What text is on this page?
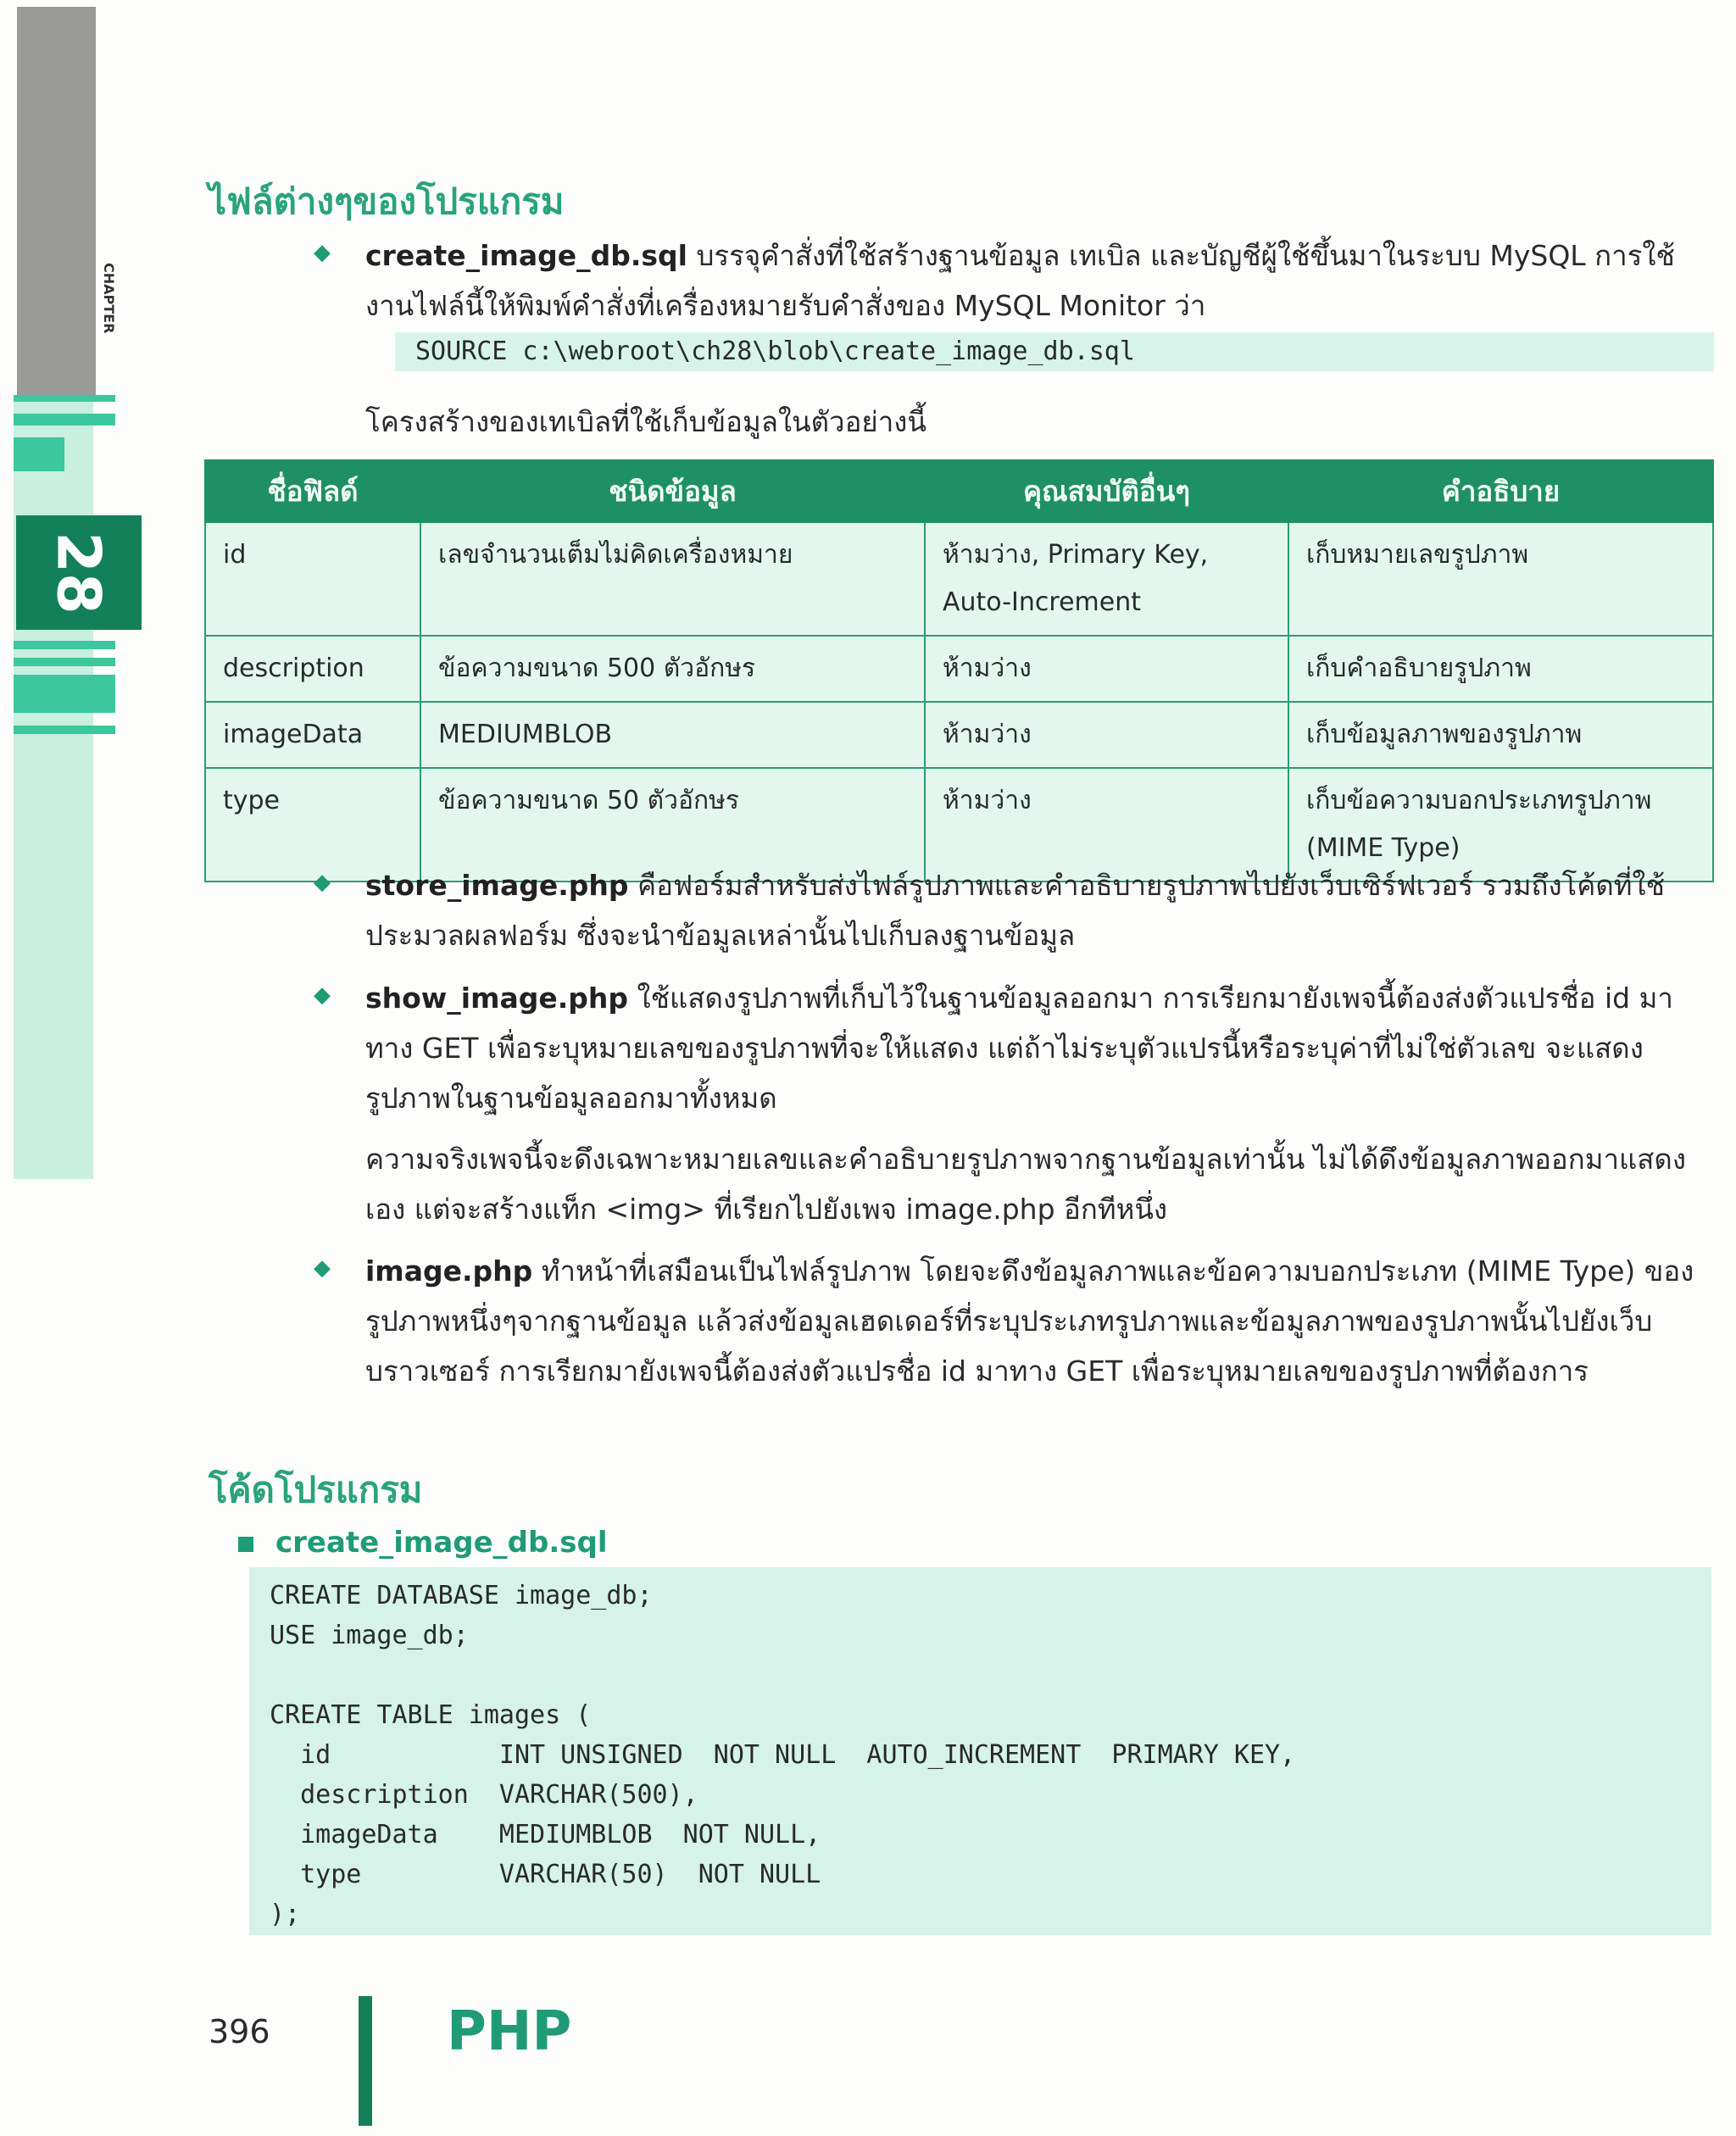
CHAPTER
28
ไฟล์ต่างๆของโปรแกรม
◆ create_image_db.sql บรรจุคำสั่งที่ใช้สร้างฐานข้อมูล เทเบิล และบัญชีผู้ใช้ขึ้นมาในระบบ MySQL การใช้งานไฟล์นี้ให้พิมพ์คำสั่งที่เครื่องหมายรับคำสั่งของ MySQL Monitor ว่า
SOURCE c:\webroot\ch28\blob\create_image_db.sql
โครงสร้างของเทเบิลที่ใช้เก็บข้อมูลในตัวอย่างนี้
ชื่อฟิลด์	ชนิดข้อมูล	คุณสมบัติอื่นๆ	คำอธิบาย
id	เลขจำนวนเต็มไม่คิดเครื่องหมาย	ห้ามว่าง, Primary Key, Auto-Increment	เก็บหมายเลขรูปภาพ
description	ข้อความขนาด 500 ตัวอักษร	ห้ามว่าง	เก็บคำอธิบายรูปภาพ
imageData	MEDIUMBLOB	ห้ามว่าง	เก็บข้อมูลภาพของรูปภาพ
type	ข้อความขนาด 50 ตัวอักษร	ห้ามว่าง	เก็บข้อความบอกประเภทรูปภาพ (MIME Type)
◆ store_image.php คือฟอร์มสำหรับส่งไฟล์รูปภาพและคำอธิบายรูปภาพไปยังเว็บเซิร์ฟเวอร์ รวมถึงโค้ดที่ใช้ประมวลผลฟอร์ม ซึ่งจะนำข้อมูลเหล่านั้นไปเก็บลงฐานข้อมูล
◆ show_image.php ใช้แสดงรูปภาพที่เก็บไว้ในฐานข้อมูลออกมา การเรียกมายังเพจนี้ต้องส่งตัวแปรชื่อ id มาทาง GET เพื่อระบุหมายเลขของรูปภาพที่จะให้แสดง แต่ถ้าไม่ระบุตัวแปรนี้หรือระบุค่าที่ไม่ใช่ตัวเลข จะแสดงรูปภาพในฐานข้อมูลออกมาทั้งหมด
ความจริงเพจนี้จะดึงเฉพาะหมายเลขและคำอธิบายรูปภาพจากฐานข้อมูลเท่านั้น ไม่ได้ดึงข้อมูลภาพออกมาแสดงเอง แต่จะสร้างแท็ก <img> ที่เรียกไปยังเพจ image.php อีกทีหนึ่ง
◆ image.php ทำหน้าที่เสมือนเป็นไฟล์รูปภาพ โดยจะดึงข้อมูลภาพและข้อความบอกประเภท (MIME Type) ของรูปภาพหนึ่งๆจากฐานข้อมูล แล้วส่งข้อมูลเฮดเดอร์ที่ระบุประเภทรูปภาพและข้อมูลภาพของรูปภาพนั้นไปยังเว็บบราวเซอร์ การเรียกมายังเพจนี้ต้องส่งตัวแปรชื่อ id มาทาง GET เพื่อระบุหมายเลขของรูปภาพที่ต้องการ
โค้ดโปรแกรม
create_image_db.sql
CREATE DATABASE image_db;
USE image_db;

CREATE TABLE images (
id           INT UNSIGNED  NOT NULL  AUTO_INCREMENT  PRIMARY KEY,
description  VARCHAR(500),
imageData    MEDIUMBLOB  NOT NULL,
type         VARCHAR(50)  NOT NULL
);
396	PHP
